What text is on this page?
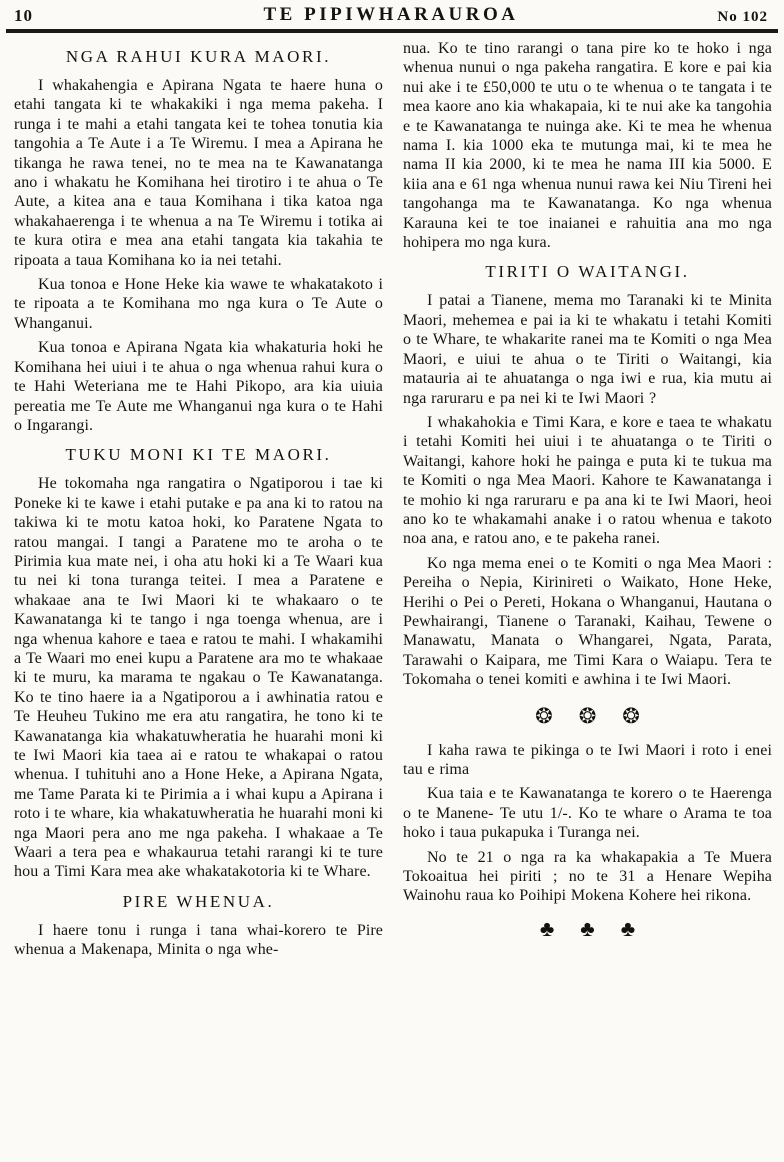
10	TE PIPIWHARAUROA	No 102
NGA RAHUI KURA MAORI.

I whakahengia e Apirana Ngata te haere huna o etahi tangata ki te whakakiki i nga mema pakeha. I runga i te mahi a etahi tangata kei te tohea tonutia kia tangohia a Te Aute i a Te Wiremu. I mea a Apirana he tikanga he rawa tenei, no te mea na te Kawanatanga ano i whakatu he Komihana hei tirotiro i te ahua o Te Aute, a kitea ana e taua Komihana i tika katoa nga whakahaerenga i te whenua a na Te Wiremu i totika ai te kura otira e mea ana etahi tangata kia takahia te ripoata a taua Komihana ko ia nei tetahi.

Kua tonoa e Hone Heke kia wawe te whakatakoto i te ripoata a te Komihana mo nga kura o Te Aute o Whanganui.

Kua tonoa e Apirana Ngata kia whakaturia hoki he Komihana hei uiui i te ahua o nga whenua rahui kura o te Hahi Weteriana me te Hahi Pikopo, ara kia uiuia pereatia me Te Aute me Whanganui nga kura o te Hahi o Ingarangi.

TUKU MONI KI TE MAORI.

He tokomaha nga rangatira o Ngatiporou i tae ki Poneke ki te kawe i etahi putake e pa ana ki to ratou na takiwa ki te motu katoa hoki, ko Paratene Ngata to ratou mangai. I tangi a Paratene mo te aroha o te Pirimia kua mate nei, i oha atu hoki ki a Te Waari kua tu nei ki tona turanga teitei. I mea a Paratene e whakaae ana te Iwi Maori ki te whakaaro o te Kawanatanga ki te tango i nga toenga whenua, are i nga whenua kahore e taea e ratou te mahi. I whakamihi a Te Waari mo enei kupu a Paratene ara mo te whakaae ki te muru, ka marama te ngakau o Te Kawanatanga. Ko te tino haere ia a Ngatiporou a i awhinatia ratou e Te Heuheu Tukino me era atu rangatira, he tono ki te Kawanatanga kia whakatuwheratia he huarahi moni ki te Iwi Maori kia taea ai e ratou te whakapai o ratou whenua. I tuhituhi ano a Hone Heke, a Apirana Ngata, me Tame Parata ki te Pirimia a i whai kupu a Apirana i roto i te whare, kia whakatuwheratia he huarahi moni ki nga Maori pera ano me nga pakeha. I whakaae a Te Waari a tera pea e whakaurua tetahi rarangi ki te ture hou a Timi Kara mea ake whakatakotoria ki te Whare.

PIRE WHENUA.

I haere tonu i runga i tana whai-korero te Pire whenua a Makenapa, Minita o nga whe-

nua. Ko te tino rarangi o tana pire ko te hoko i nga whenua nunui o nga pakeha rangatira. E kore e pai kia nui ake i te £50,000 te utu o te whenua o te tangata i te mea kaore ano kia whakapaia, ki te nui ake ka tangohia e te Kawanatanga te nuinga ake. Ki te mea he whenua nama I. kia 1000 eka te mutunga mai, ki te mea he nama II kia 2000, ki te mea he nama III kia 5000. E kiia ana e 61 nga whenua nunui rawa kei Niu Tireni hei tangohanga ma te Kawanatanga. Ko nga whenua Karauna kei te toe inaianei e rahuitia ana mo nga hohipera mo nga kura.

TIRITI O WAITANGI.

I patai a Tianene, mema mo Taranaki ki te Minita Maori, mehemea e pai ia ki te whakatu i tetahi Komiti o te Whare, te whakarite ranei ma te Komiti o nga Mea Maori, e uiui te ahua o te Tiriti o Waitangi, kia matauria ai te ahuatanga o nga iwi e rua, kia mutu ai nga raruraru e pa nei ki te Iwi Maori ?

I whakahokia e Timi Kara, e kore e taea te whakatu i tetahi Komiti hei uiui i te ahuatanga o te Tiriti o Waitangi, kahore hoki he painga e puta ki te tukua ma te Komiti o nga Mea Maori. Kahore te Kawanatanga i te mohio ki nga raruraru e pa ana ki te Iwi Maori, heoi ano ko te whakamahi anake i o ratou whenua e takoto noa ana, e ratou ano, e te pakeha ranei.

Ko nga mema enei o te Komiti o nga Mea Maori : Pereiha o Nepia, Kirinireti o Waikato, Hone Heke, Herihi o Pei o Pereti, Hokana o Whanganui, Hautana o Pewhairangi, Tianene o Taranaki, Kaihau, Tewene o Manawatu, Manata o Whangarei, Ngata, Parata, Tarawahi o Kaipara, me Timi Kara o Waiapu. Tera te Tokomaha o tenei komiti e awhina i te Iwi Maori.

❂❂❂

I kaha rawa te pikinga o te Iwi Maori i roto i enei tau e rima

Kua taia e te Kawanatanga te korero o te Haerenga o te Manene- Te utu 1/-. Ko te whare o Arama te toa hoko i taua pukapuka i Turanga nei.

No te 21 o nga ra ka whakapakia a Te Muera Tokoaitua hei piriti ; no te 31 a Henare Wepiha Wainohu raua ko Poihipi Mokena Kohere hei rikona.

♣♣♣
